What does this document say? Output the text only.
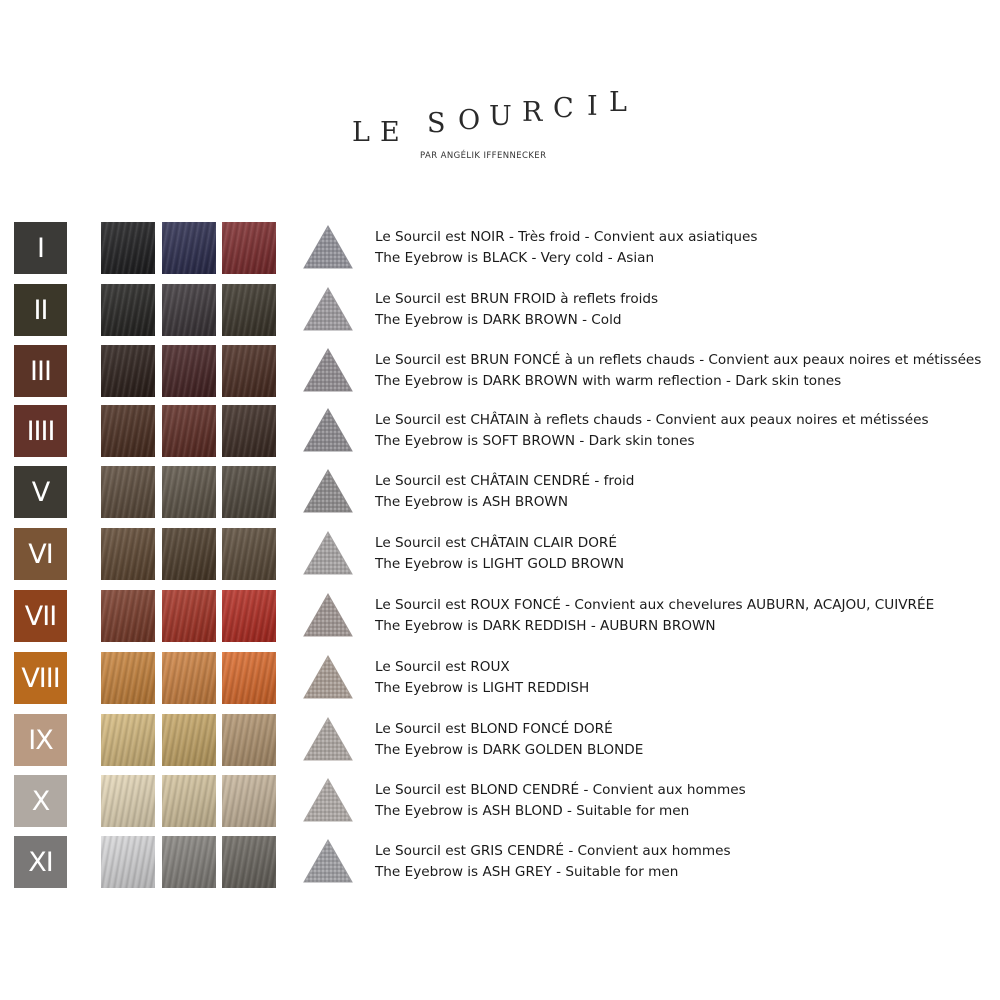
L E S O U R C I L
PAR ANGÉLIK IFFENNECKER
I	Le Sourcil est NOIR - Très froid - Convient aux asiatiques
The Eyebrow is BLACK - Very cold - Asian
II	Le Sourcil est BRUN FROID à reflets froids
The Eyebrow is DARK BROWN - Cold
III	Le Sourcil est BRUN FONCÉ à un reflets chauds - Convient aux peaux noires et métissées
The Eyebrow is DARK BROWN with warm reflection - Dark skin tones
IIII	Le Sourcil est CHÂTAIN à reflets chauds - Convient aux peaux noires et métissées
The Eyebrow is SOFT BROWN - Dark skin tones
V	Le Sourcil est CHÂTAIN CENDRÉ - froid
The Eyebrow is ASH BROWN
VI	Le Sourcil est CHÂTAIN CLAIR DORÉ
The Eyebrow is LIGHT GOLD BROWN
VII	Le Sourcil est ROUX FONCÉ - Convient aux chevelures AUBURN, ACAJOU, CUIVRÉE
The Eyebrow is DARK REDDISH - AUBURN BROWN
VIII	Le Sourcil est ROUX
The Eyebrow is LIGHT REDDISH
IX	Le Sourcil est BLOND FONCÉ DORÉ
The Eyebrow is DARK GOLDEN BLONDE
X	Le Sourcil est BLOND CENDRÉ - Convient aux hommes
The Eyebrow is ASH BLOND - Suitable for men
XI	Le Sourcil est GRIS CENDRÉ - Convient aux hommes
The Eyebrow is ASH GREY - Suitable for men
